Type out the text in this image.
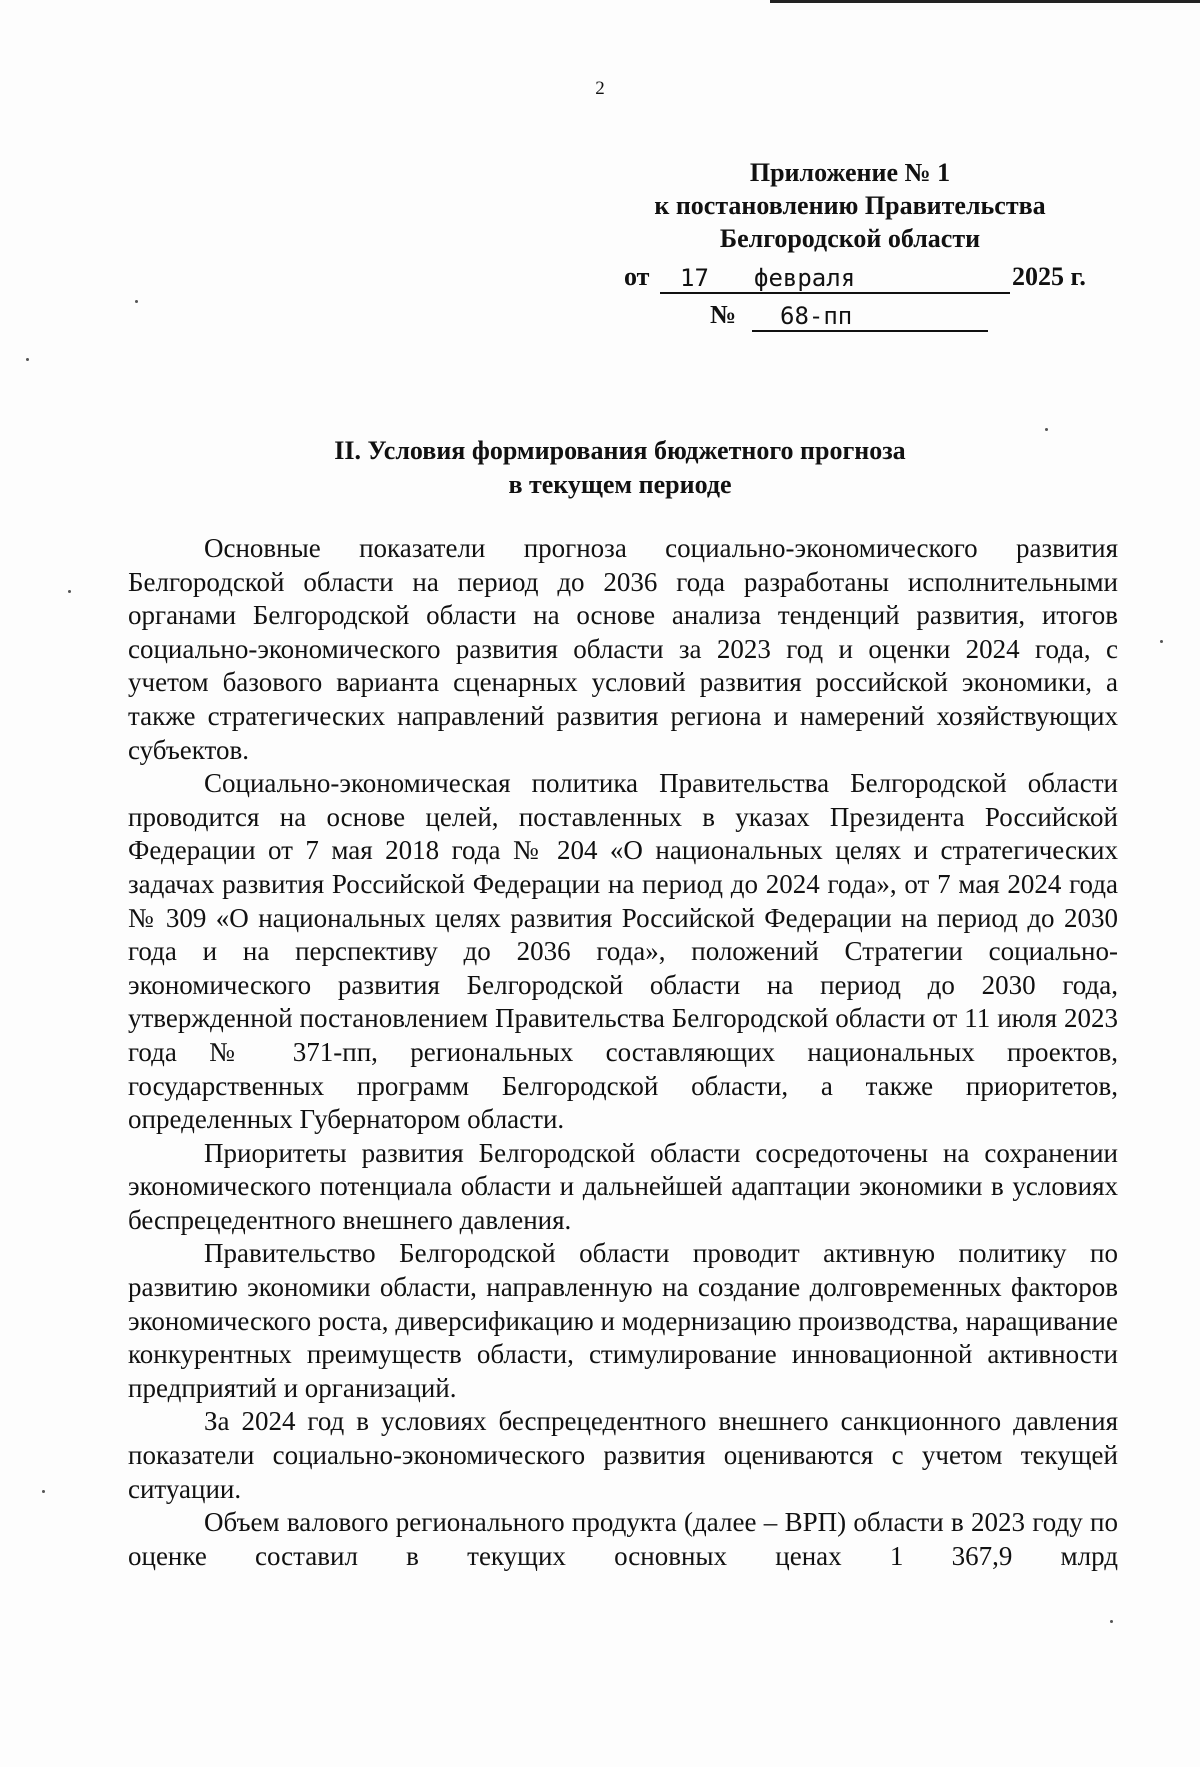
2
Приложение № 1
к постановлению Правительства
Белгородской области
от 17 февраля	2025 г.
№ 68-пп
II. Условия формирования бюджетного прогноза
в текущем периоде

Основные показатели прогноза социально-экономического развития Белгородской области на период до 2036 года разработаны исполнительными органами Белгородской области на основе анализа тенденций развития, итогов социально-экономического развития области за 2023 год и оценки 2024 года, с учетом базового варианта сценарных условий развития российской экономики, а также стратегических направлений развития региона и намерений хозяйствующих субъектов.

Социально-экономическая политика Правительства Белгородской области проводится на основе целей, поставленных в указах Президента Российской Федерации от 7 мая 2018 года № 204 «О национальных целях и стратегических задачах развития Российской Федерации на период до 2024 года», от 7 мая 2024 года № 309 «О национальных целях развития Российской Федерации на период до 2030 года и на перспективу до 2036 года», положений Стратегии социально-экономического развития Белгородской области на период до 2030 года, утвержденной постановлением Правительства Белгородской области от 11 июля 2023 года № 371-пп, региональных составляющих национальных проектов, государственных программ Белгородской области, а также приоритетов, определенных Губернатором области.

Приоритеты развития Белгородской области сосредоточены на сохранении экономического потенциала области и дальнейшей адаптации экономики в условиях беспрецедентного внешнего давления.

Правительство Белгородской области проводит активную политику по развитию экономики области, направленную на создание долговременных факторов экономического роста, диверсификацию и модернизацию производства, наращивание конкурентных преимуществ области, стимулирование инновационной активности предприятий и организаций.

За 2024 год в условиях беспрецедентного внешнего санкционного давления показатели социально-экономического развития оцениваются с учетом текущей ситуации.

Объем валового регионального продукта (далее – ВРП) области в 2023 году по оценке составил в текущих основных ценах 1 367,9 млрд
